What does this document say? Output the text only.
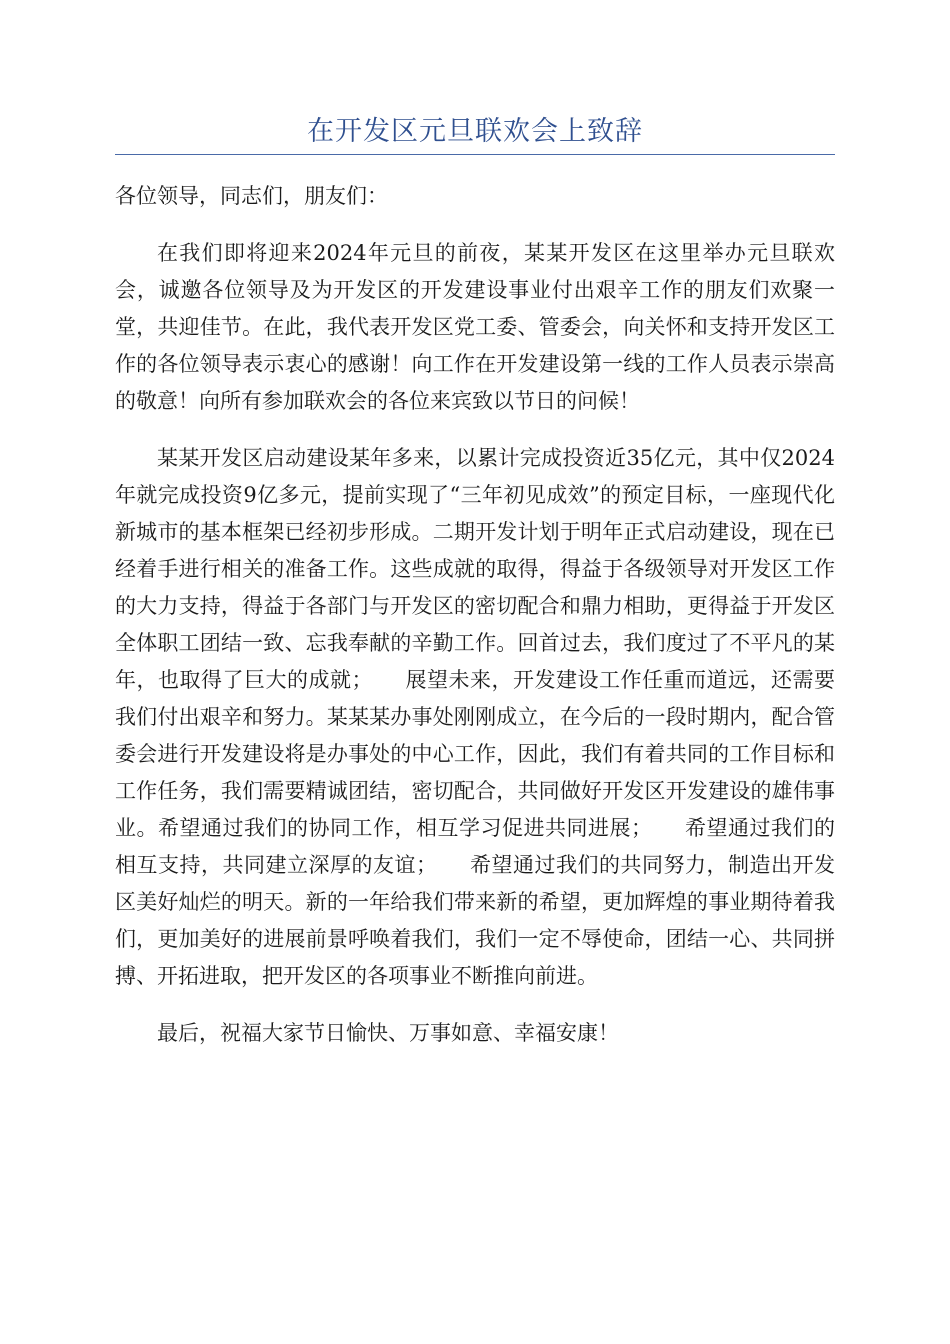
在开发区元旦联欢会上致辞

各位领导，同志们，朋友们：

在我们即将迎来2024年元旦的前夜，某某开发区在这里举办元旦联欢会，诚邀各位领导及为开发区的开发建设事业付出艰辛工作的朋友们欢聚一堂，共迎佳节。在此，我代表开发区党工委、管委会，向关怀和支持开发区工作的各位领导表示衷心的感谢！向工作在开发建设第一线的工作人员表示崇高的敬意！向所有参加联欢会的各位来宾致以节日的问候！

某某开发区启动建设某年多来，以累计完成投资近35亿元，其中仅2024年就完成投资9亿多元，提前实现了“三年初见成效”的预定目标，一座现代化新城市的基本框架已经初步形成。二期开发计划于明年正式启动建设，现在已经着手进行相关的准备工作。这些成就的取得，得益于各级领导对开发区工作的大力支持，得益于各部门与开发区的密切配合和鼎力相助，更得益于开发区全体职工团结一致、忘我奉献的辛勤工作。回首过去，我们度过了不平凡的某年，也取得了巨大的成就；　　展望未来，开发建设工作任重而道远，还需要我们付出艰辛和努力。某某某办事处刚刚成立，在今后的一段时期内，配合管委会进行开发建设将是办事处的中心工作，因此，我们有着共同的工作目标和工作任务，我们需要精诚团结，密切配合，共同做好开发区开发建设的雄伟事业。希望通过我们的协同工作，相互学习促进共同进展；　　希望通过我们的相互支持，共同建立深厚的友谊；　　希望通过我们的共同努力，制造出开发区美好灿烂的明天。新的一年给我们带来新的希望，更加辉煌的事业期待着我们，更加美好的进展前景呼唤着我们，我们一定不辱使命，团结一心、共同拼搏、开拓进取，把开发区的各项事业不断推向前进。

最后，祝福大家节日愉快、万事如意、幸福安康！
